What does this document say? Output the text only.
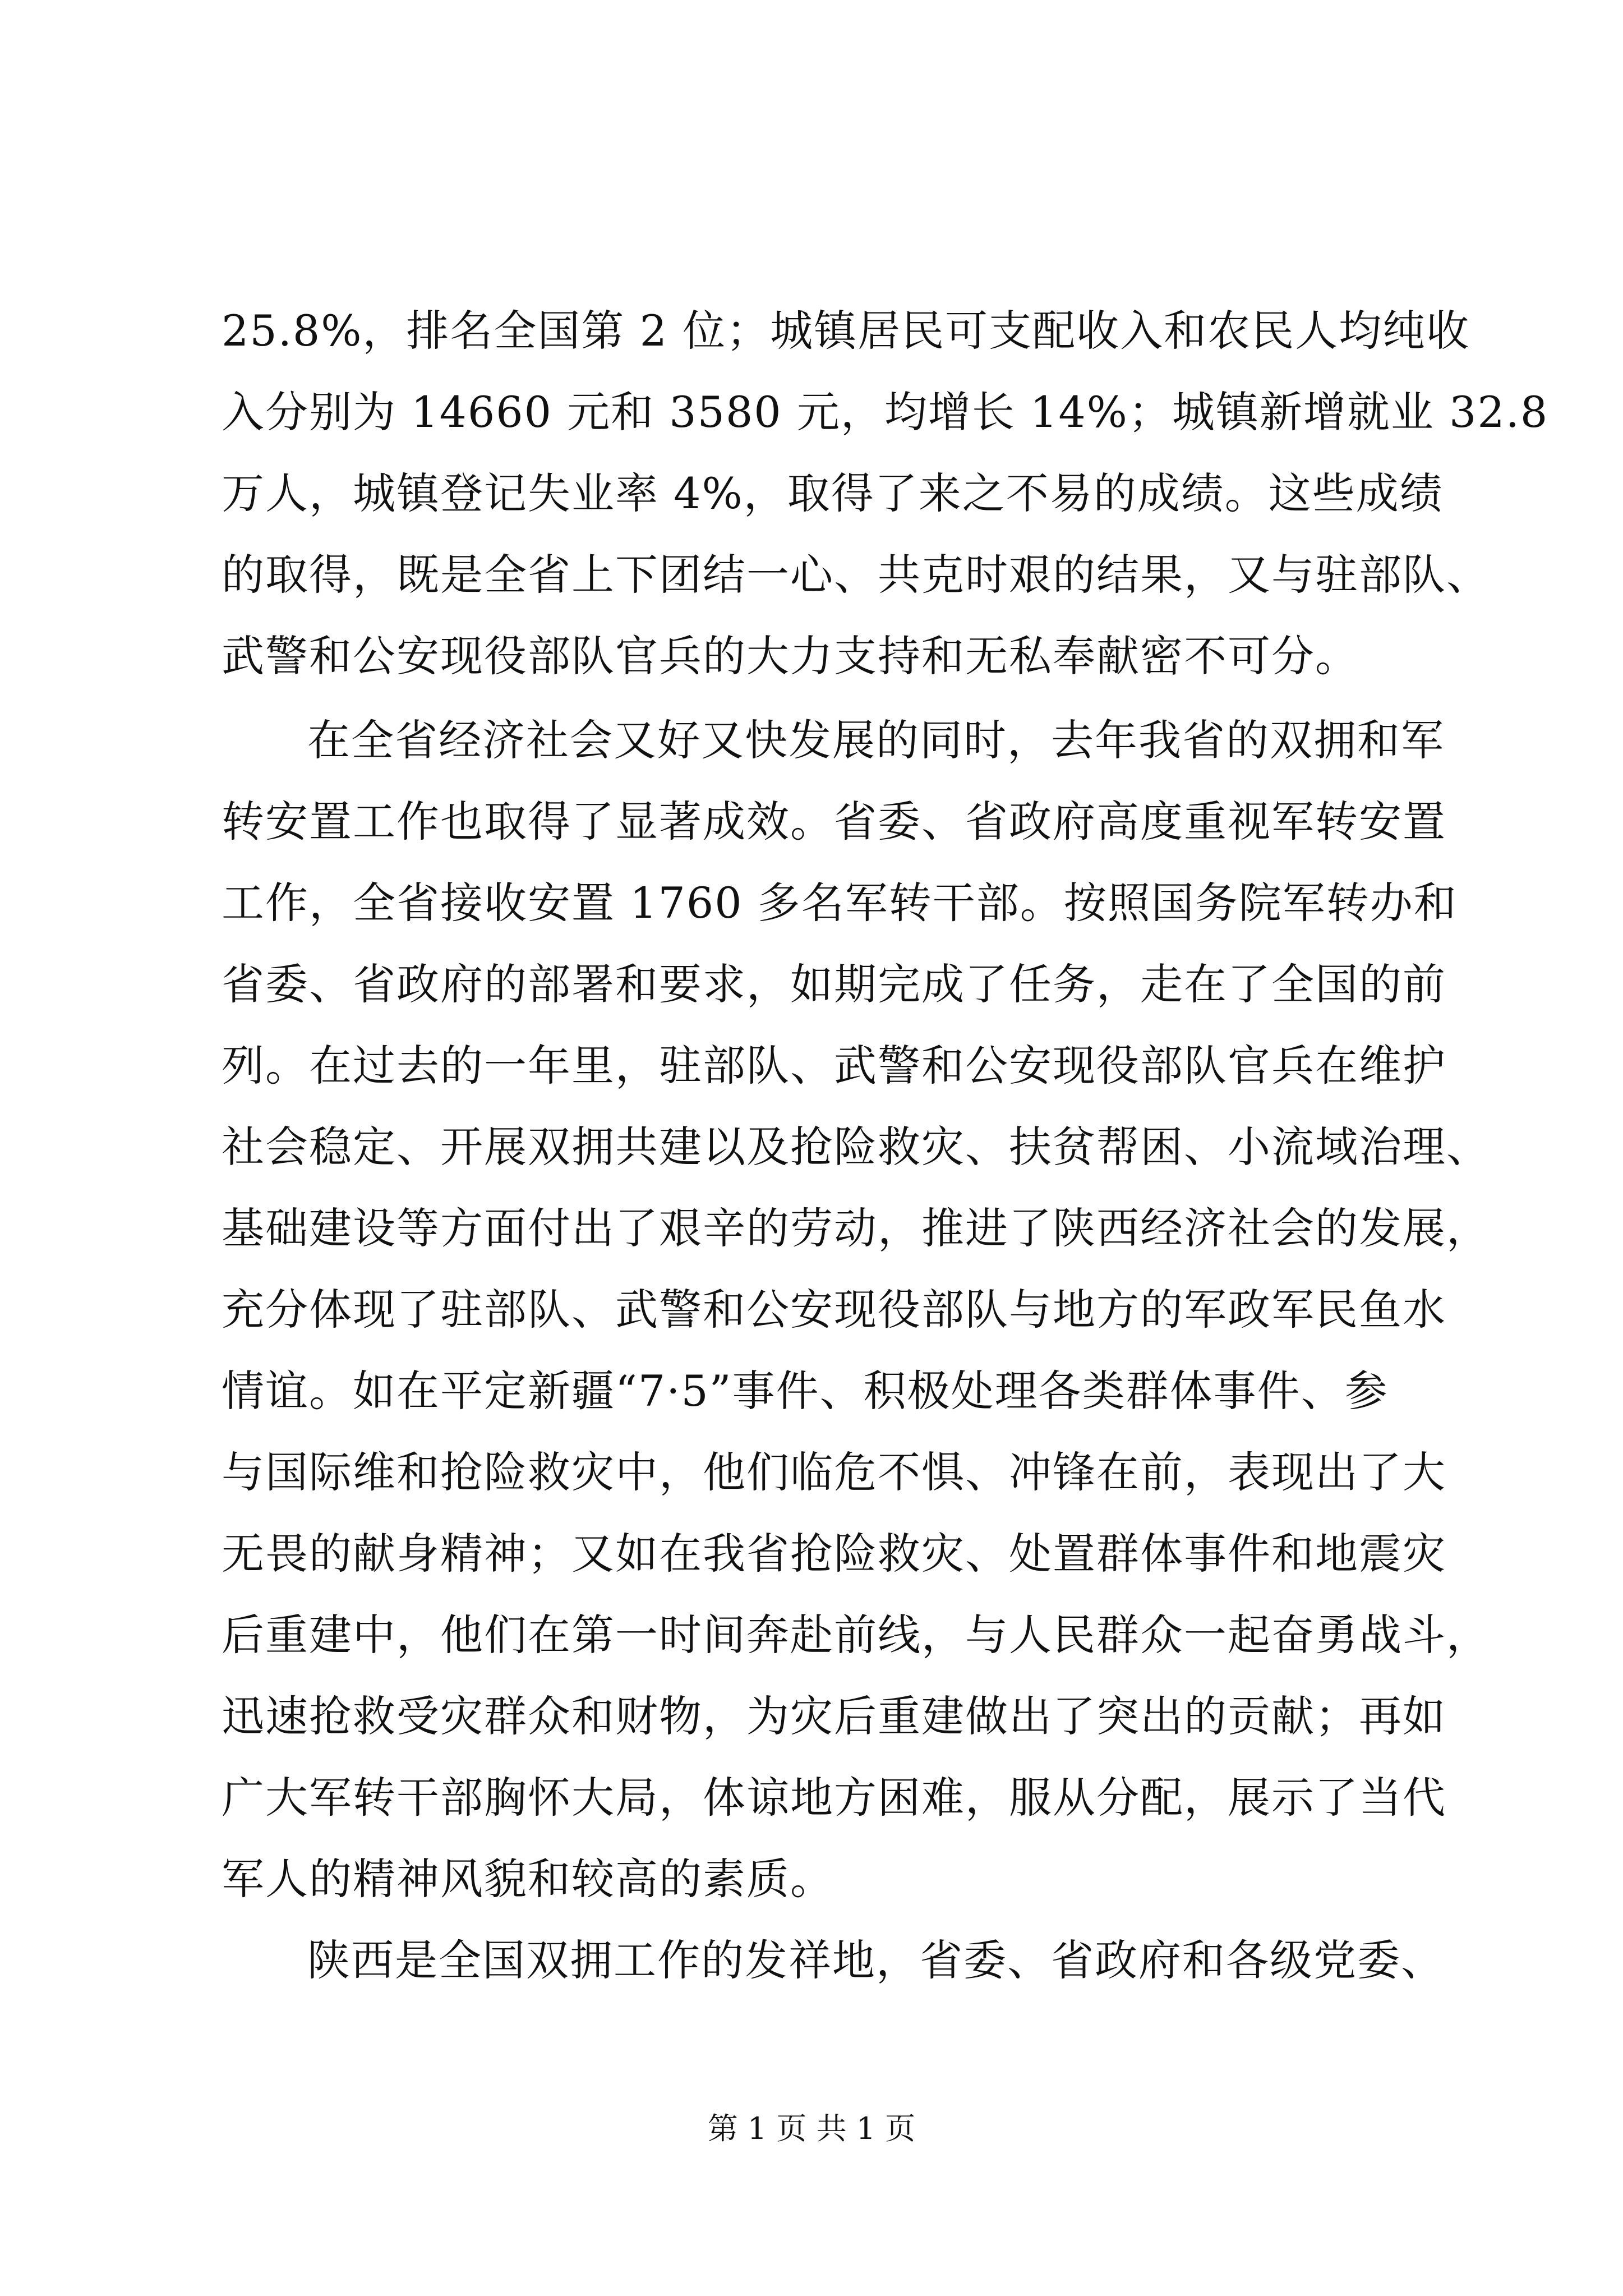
25.8%，排名全国第 2 位；城镇居民可支配收入和农民人均纯收
入分别为 14660 元和 3580 元，均增长 14%；城镇新增就业 32.8
万人，城镇登记失业率 4%，取得了来之不易的成绩。这些成绩
的取得，既是全省上下团结一心、共克时艰的结果，又与驻部队、
武警和公安现役部队官兵的大力支持和无私奉献密不可分。
在全省经济社会又好又快发展的同时，去年我省的双拥和军
转安置工作也取得了显著成效。省委、省政府高度重视军转安置
工作，全省接收安置 1760 多名军转干部。按照国务院军转办和
省委、省政府的部署和要求，如期完成了任务，走在了全国的前
列。在过去的一年里，驻部队、武警和公安现役部队官兵在维护
社会稳定、开展双拥共建以及抢险救灾、扶贫帮困、小流域治理、
基础建设等方面付出了艰辛的劳动，推进了陕西经济社会的发展，
充分体现了驻部队、武警和公安现役部队与地方的军政军民鱼水
情谊。如在平定新疆“7·5”事件、积极处理各类群体事件、参
与国际维和抢险救灾中，他们临危不惧、冲锋在前，表现出了大
无畏的献身精神；又如在我省抢险救灾、处置群体事件和地震灾
后重建中，他们在第一时间奔赴前线，与人民群众一起奋勇战斗，
迅速抢救受灾群众和财物，为灾后重建做出了突出的贡献；再如
广大军转干部胸怀大局，体谅地方困难，服从分配，展示了当代
军人的精神风貌和较高的素质。
陕西是全国双拥工作的发祥地，省委、省政府和各级党委、
第 1 页 共 1 页
